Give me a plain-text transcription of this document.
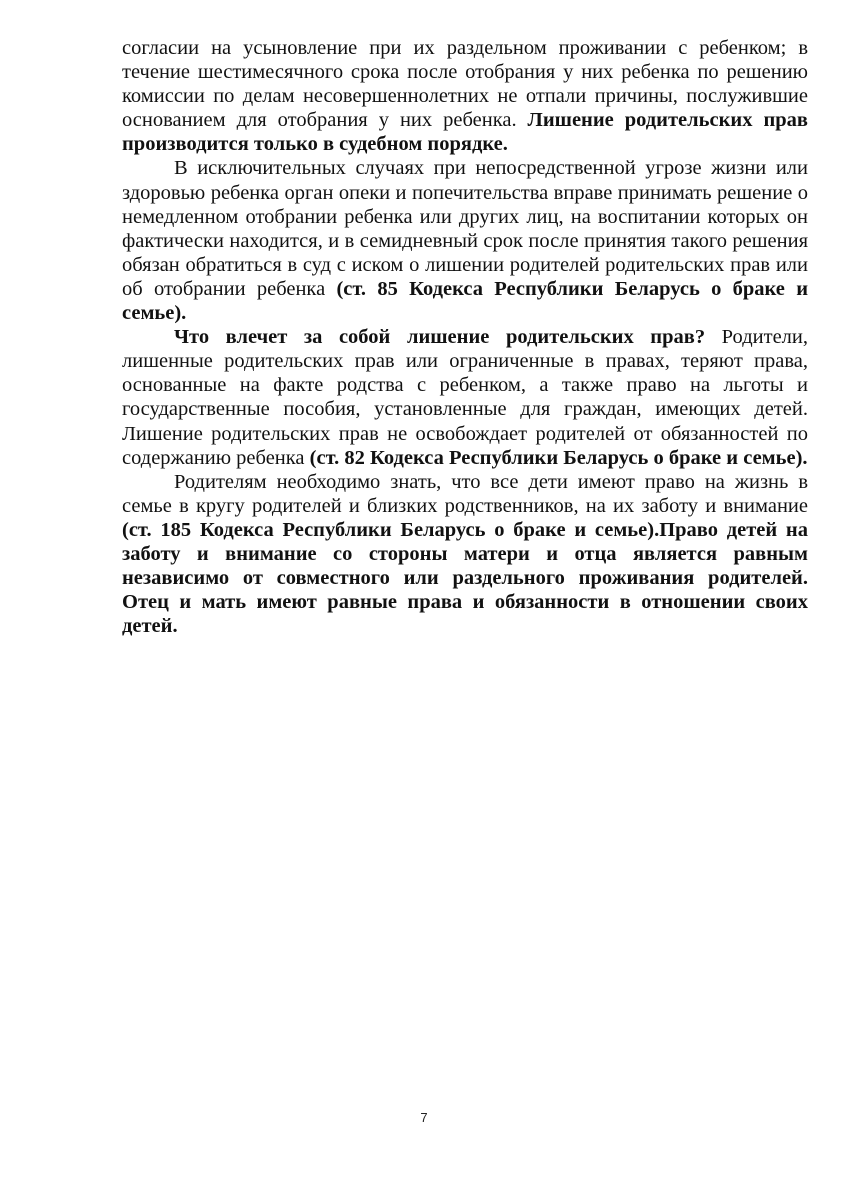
согласии на усыновление при их раздельном проживании с ребенком; в течение шестимесячного срока после отобрания у них ребенка по решению комиссии по делам несовершеннолетних не отпали причины, послужившие основанием для отобрания у них ребенка. Лишение родительских прав производится только в судебном порядке.

В исключительных случаях при непосредственной угрозе жизни или здоровью ребенка орган опеки и попечительства вправе принимать решение о немедленном отобрании ребенка или других лиц, на воспитании которых он фактически находится, и в семидневный срок после принятия такого решения обязан обратиться в суд с иском о лишении родителей родительских прав или об отобрании ребенка (ст. 85 Кодекса Республики Беларусь о браке и семье).

Что влечет за собой лишение родительских прав? Родители, лишенные родительских прав или ограниченные в правах, теряют права, основанные на факте родства с ребенком, а также право на льготы и государственные пособия, установленные для граждан, имеющих детей. Лишение родительских прав не освобождает родителей от обязанностей по содержанию ребенка (ст. 82 Кодекса Республики Беларусь о браке и семье).

Родителям необходимо знать, что все дети имеют право на жизнь в семье в кругу родителей и близких родственников, на их заботу и внимание (ст. 185 Кодекса Республики Беларусь о браке и семье).Право детей на заботу и внимание со стороны матери и отца является равным независимо от совместного или раздельного проживания родителей. Отец и мать имеют равные права и обязанности в отношении своих детей.

7
